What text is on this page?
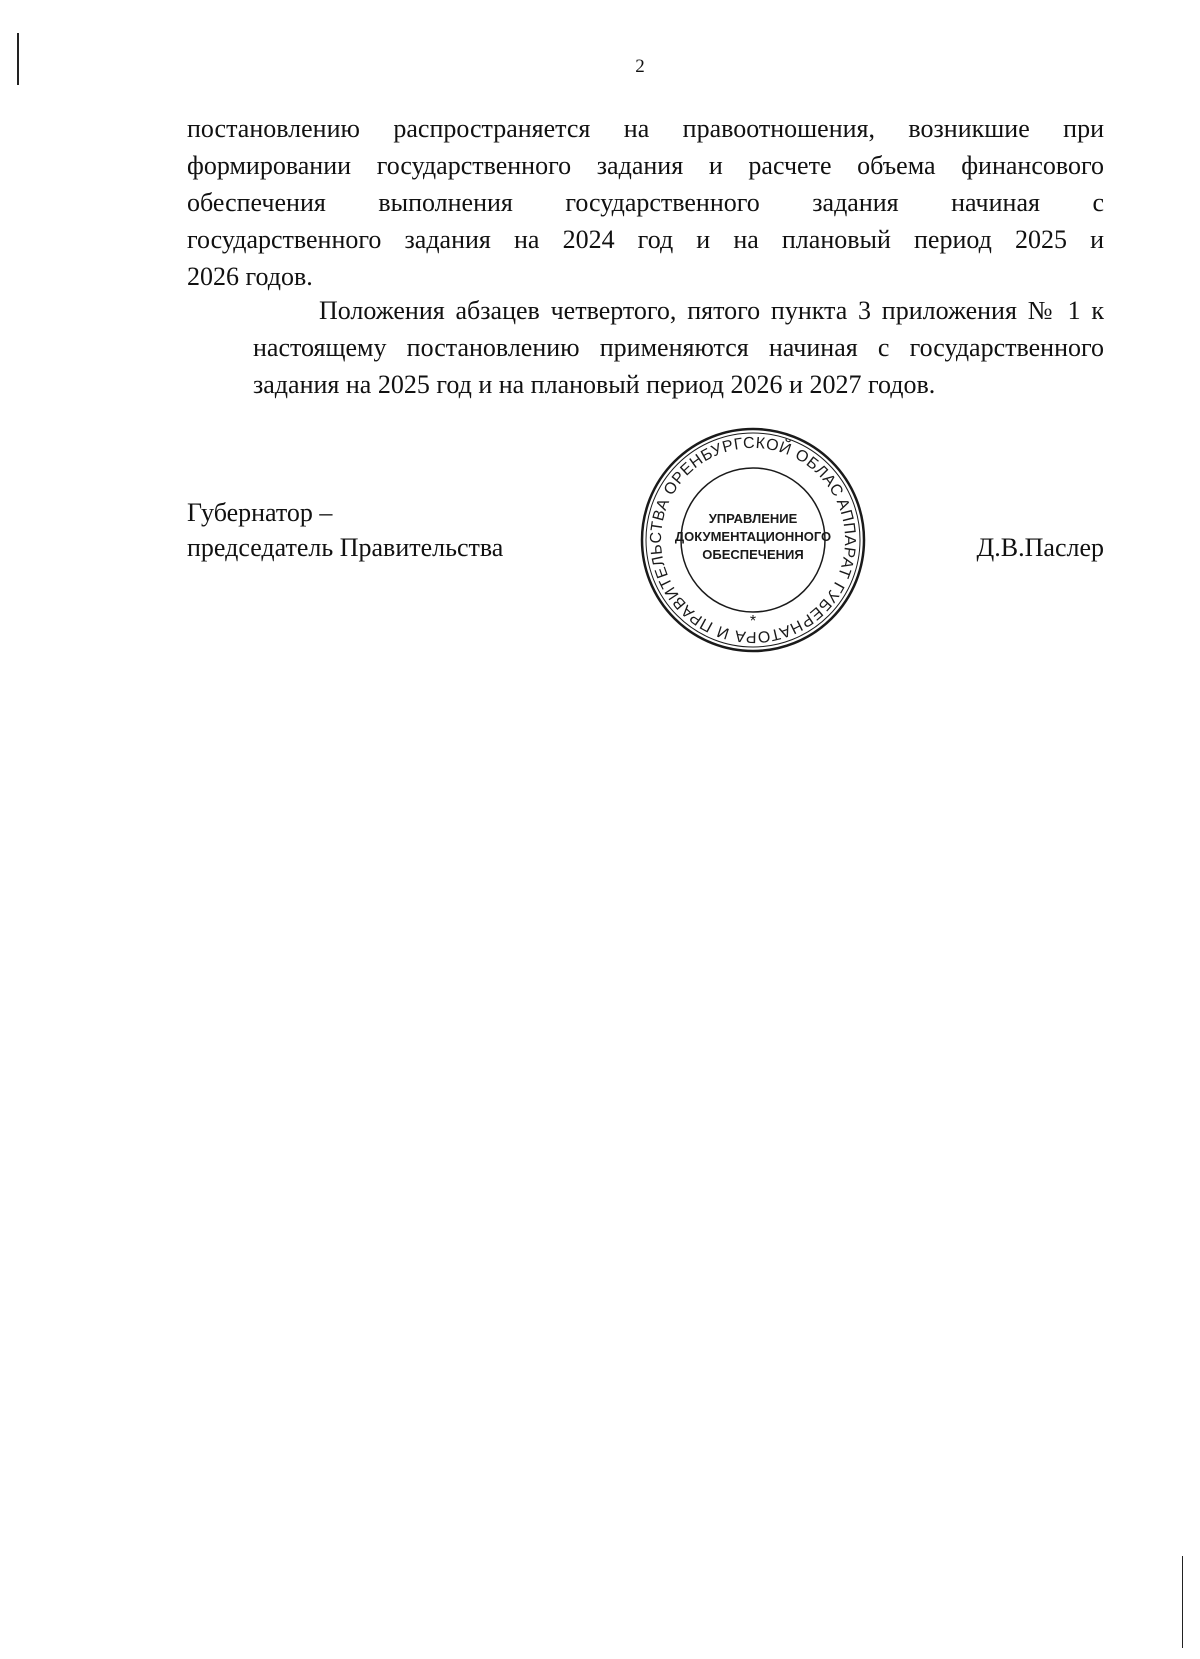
2
постановлению распространяется на правоотношения, возникшие при
формировании государственного задания и расчете объема финансового
обеспечения выполнения государственного задания начиная с
государственного задания на 2024 год и на плановый период 2025 и
2026 годов.
Положения абзацев четвертого, пятого пункта 3 приложения № 1 к
настоящему постановлению применяются начиная с государственного
задания на 2025 год и на плановый период 2026 и 2027 годов.
Губернатор –
председатель Правительства	Д.В.Паслер
АППАРАТ ГУБЕРНАТОРА И ПРАВИТЕЛЬСТВА ОРЕНБУРГСКОЙ ОБЛАСТИ
*
УПРАВЛЕНИЕ
ДОКУМЕНТАЦИОННОГО
ОБЕСПЕЧЕНИЯ
